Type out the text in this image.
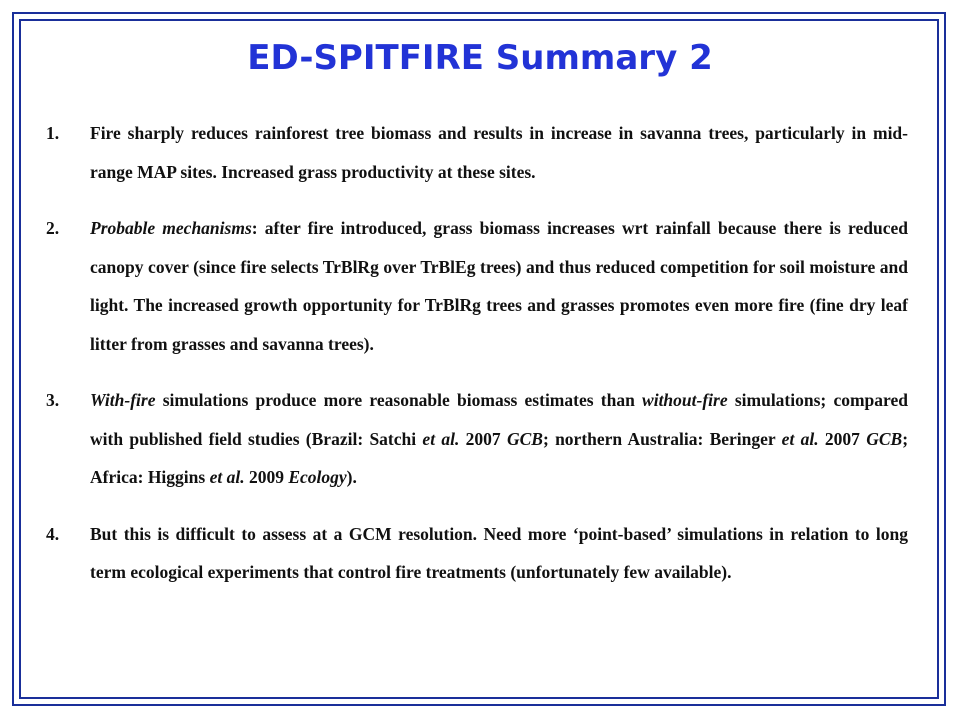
ED-SPITFIRE Summary 2
1.	Fire sharply reduces rainforest tree biomass and results in increase in savanna trees, particularly in mid-range MAP sites. Increased grass productivity at these sites.
2.	Probable mechanisms: after fire introduced, grass biomass increases wrt rainfall because there is reduced canopy cover (since fire selects TrBlRg over TrBlEg trees) and thus reduced competition for soil moisture and light. The increased growth opportunity for TrBlRg trees and grasses promotes even more fire (fine dry leaf litter from grasses and savanna trees).
3.	With-fire simulations produce more reasonable biomass estimates than without-fire simulations; compared with published field studies (Brazil: Satchi et al. 2007 GCB; northern Australia: Beringer et al. 2007 GCB; Africa: Higgins et al. 2009 Ecology).
4.	But this is difficult to assess at a GCM resolution. Need more ‘point-based’ simulations in relation to long term ecological experiments that control fire treatments (unfortunately few available).
